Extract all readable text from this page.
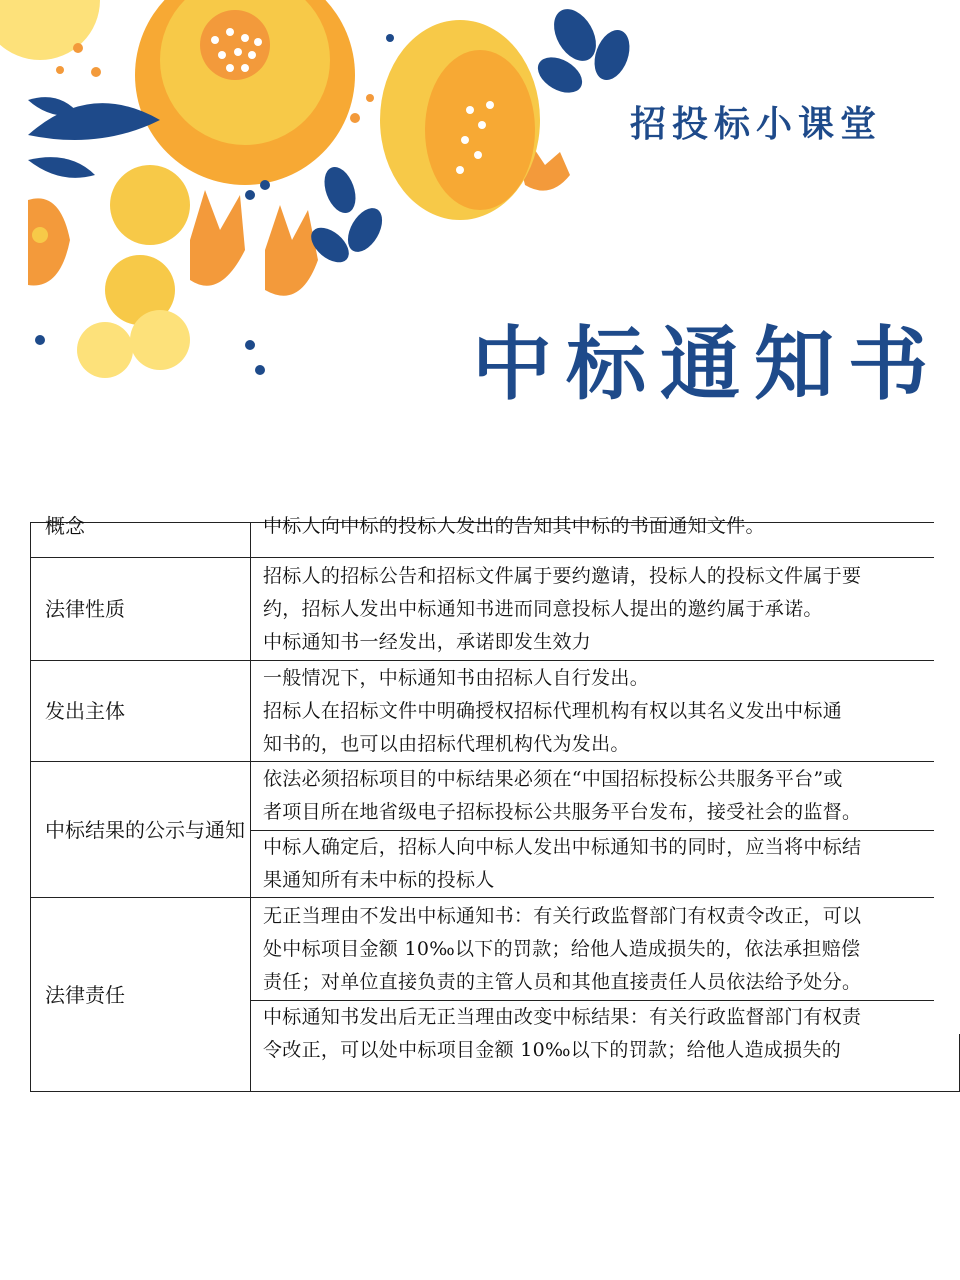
招投标小课堂
中标通知书
概念	中标人向中标的投标人发出的告知其中标的书面通知文件。
法律性质	招标人的招标公告和招标文件属于要约邀请，投标人的投标文件属于要
约，招标人发出中标通知书进而同意投标人提出的邀约属于承诺。
中标通知书一经发出，承诺即发生效力

发出主体	一般情况下，中标通知书由招标人自行发出。
招标人在招标文件中明确授权招标代理机构有权以其名义发出中标通
知书的，也可以由招标代理机构代为发出。

中标结果的公示与通知	依法必须招标项目的中标结果必须在“中国招标投标公共服务平台”或
者项目所在地省级电子招标投标公共服务平台发布，接受社会的监督。

	中标人确定后，招标人向中标人发出中标通知书的同时，应当将中标结
果通知所有未中标的投标人

法律责任	无正当理由不发出中标通知书：有关行政监督部门有权责令改正，可以
处中标项目金额 10‰以下的罚款；给他人造成损失的，依法承担赔偿
责任；对单位直接负责的主管人员和其他直接责任人员依法给予处分。

	中标通知书发出后无正当理由改变中标结果：有关行政监督部门有权责
令改正，可以处中标项目金额 10‰以下的罚款；给他人造成损失的
